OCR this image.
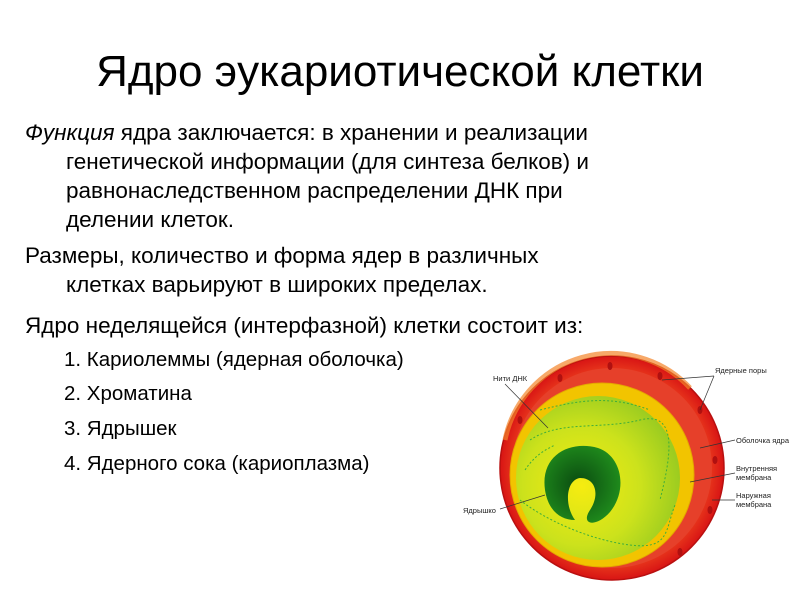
Нити ДНК
Ядерные поры
Оболочка ядра
Внутренняя
мембрана
Наружная
мембрана
Ядрышко
Ядро эукариотической клетки
Функция ядра заключается: в хранении и реализации
генетической информации (для синтеза белков) и
равнонаследственном распределении ДНК при
делении клеток.
Размеры, количество и форма ядер в различных
клетках варьируют в широких пределах.
Ядро неделящейся (интерфазной) клетки состоит из:
1. Кариолеммы (ядерная оболочка)
2. Хроматина
3. Ядрышек
4. Ядерного сока (кариоплазма)
